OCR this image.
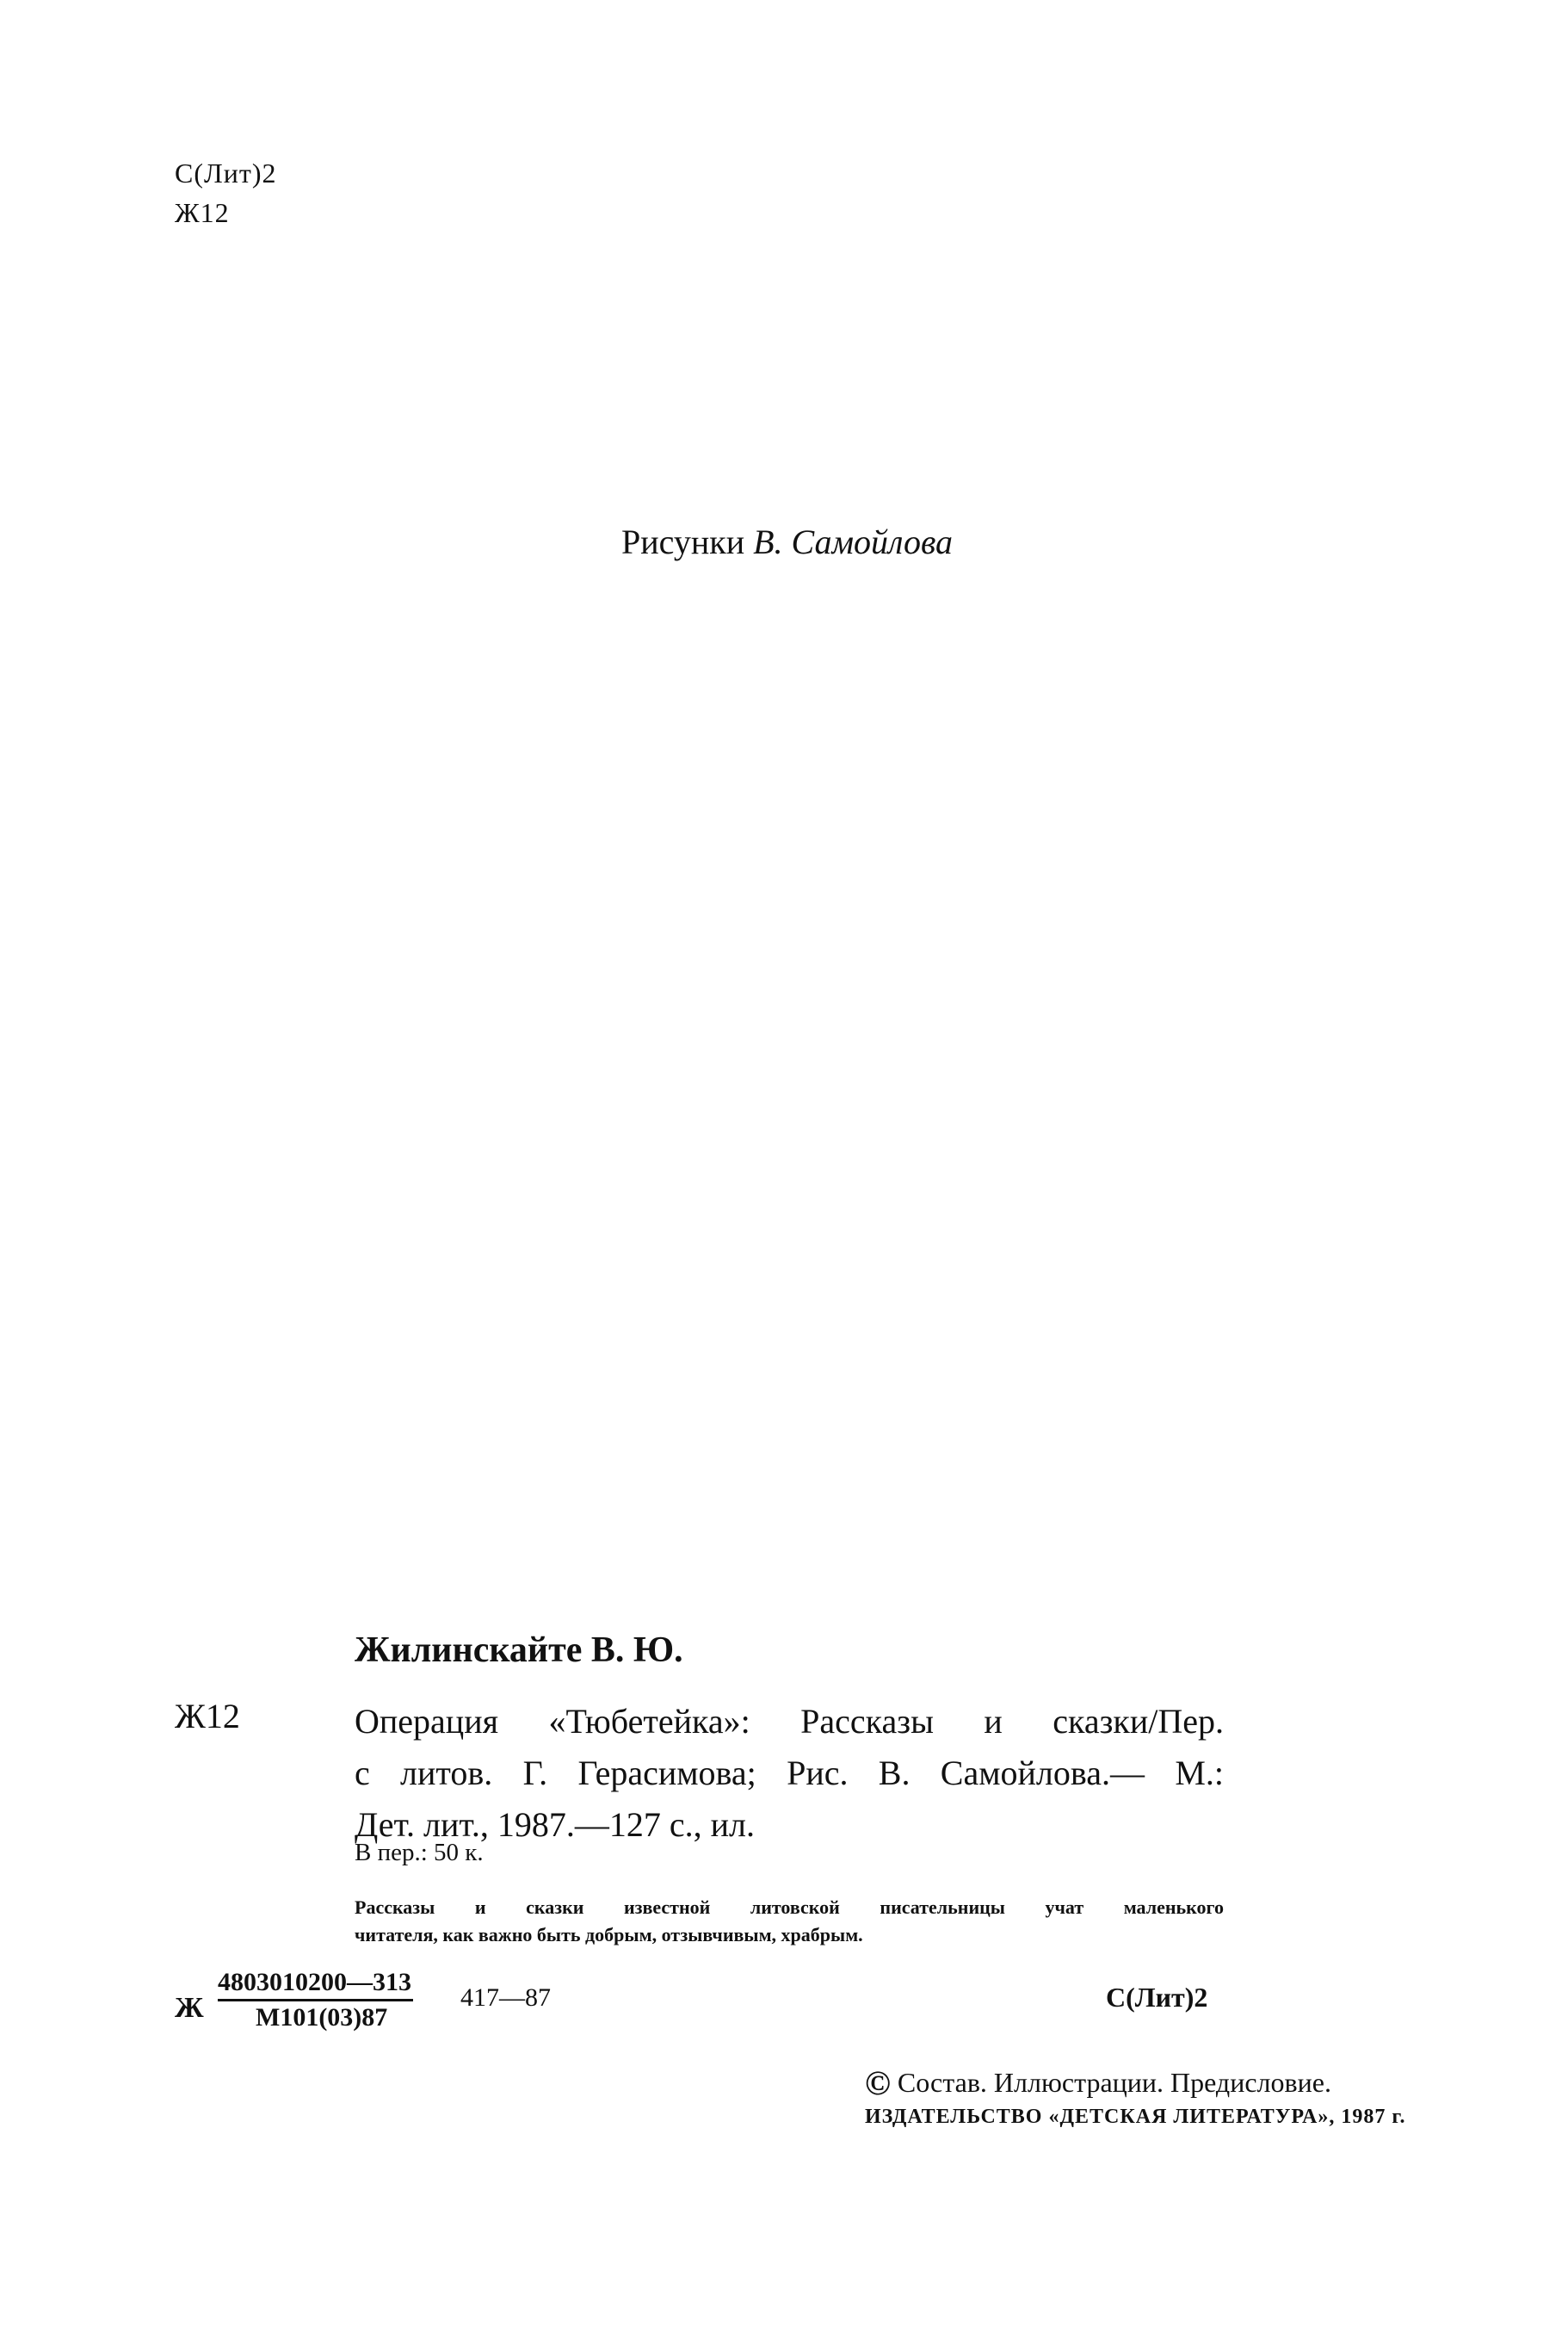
С(Лит)2
Ж12
Рисунки В. Самойлова
Жилинскайте В. Ю.
Ж12	Операция «Тюбетейка»: Рассказы и сказки/Пер.
с литов. Г. Герасимова; Рис. В. Самойлова.— М.:
Дет. лит., 1987.—127 с., ил.
В пер.: 50 к.
Рассказы и сказки известной литовской писательницы учат маленького
читателя, как важно быть добрым, отзывчивым, храбрым.
Ж
4803010200—313
М101(03)87
417—87	С(Лит)2
© Состав. Иллюстрации. Предисловие.
ИЗДАТЕЛЬСТВО «ДЕТСКАЯ ЛИТЕРАТУРА», 1987 г.
